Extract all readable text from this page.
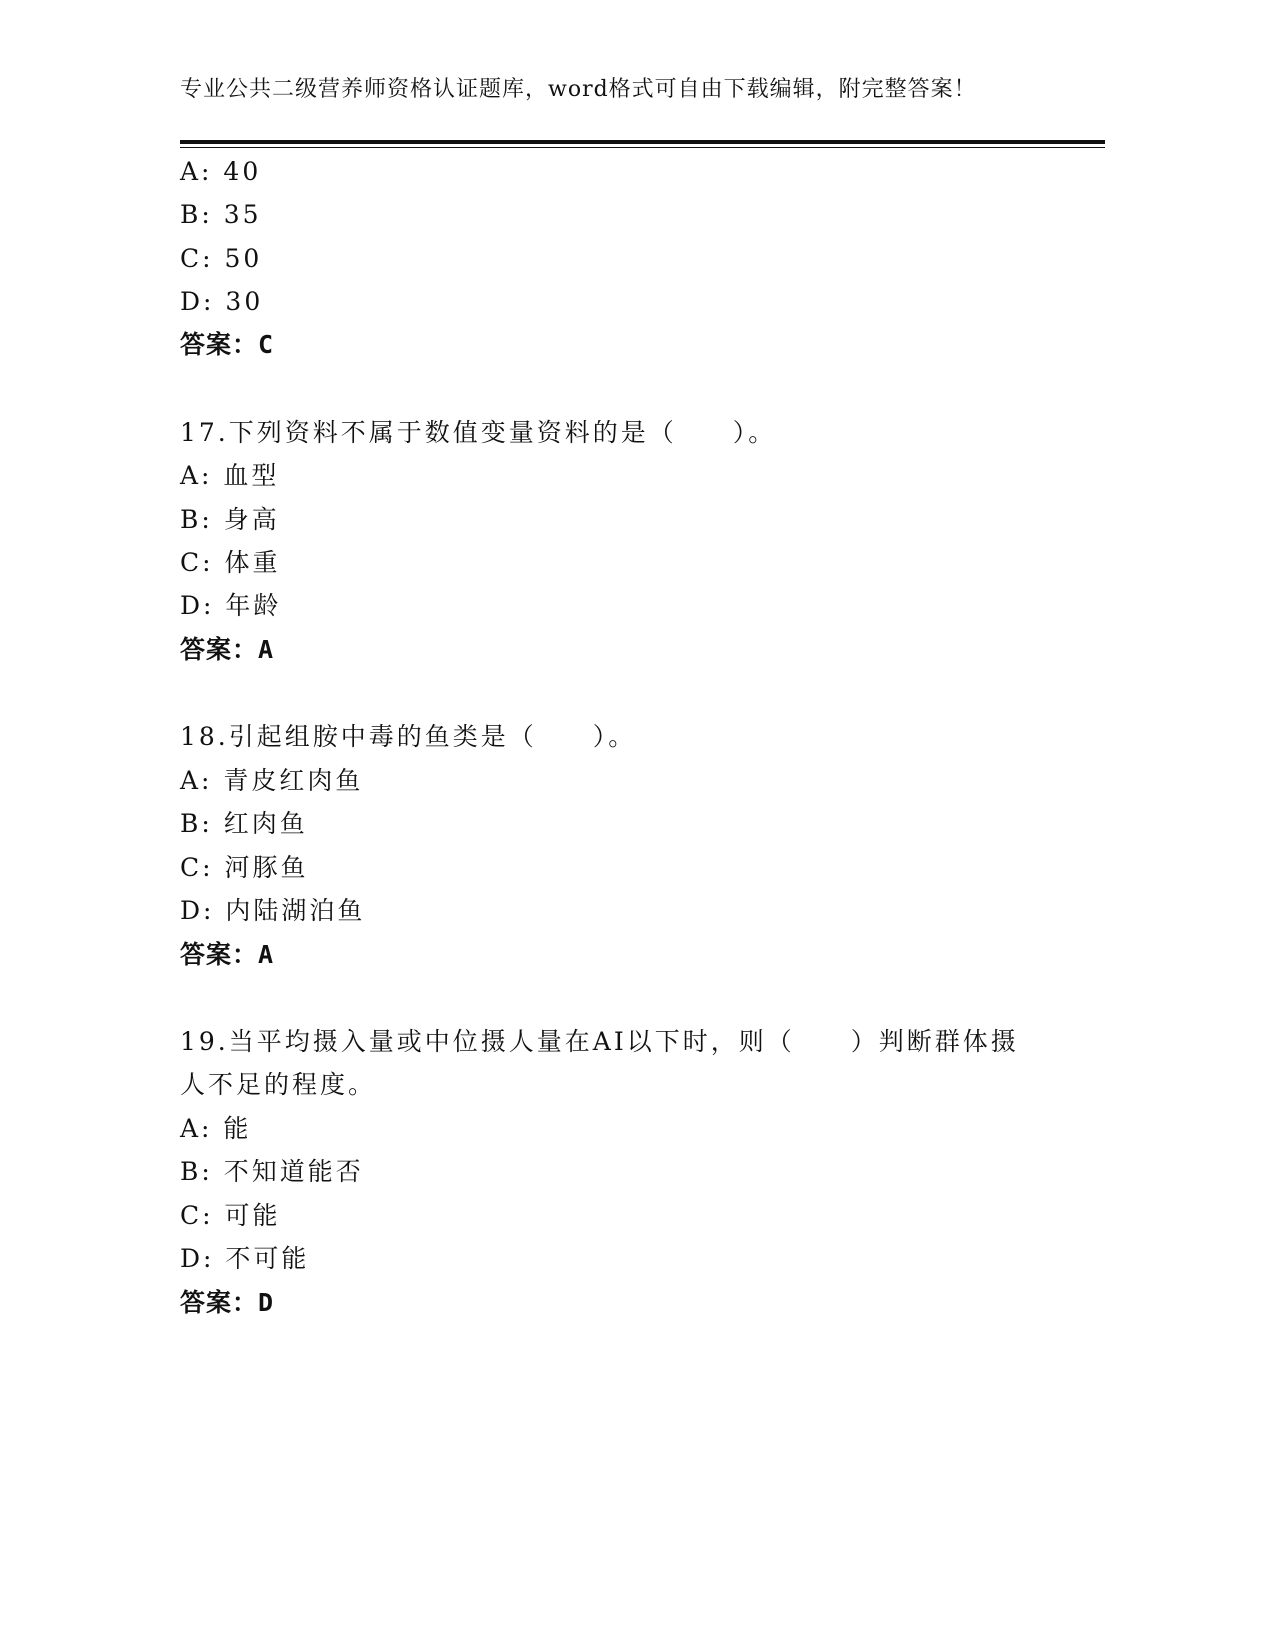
专业公共二级营养师资格认证题库，word格式可自由下载编辑，附完整答案！
A: 40
B: 35
C: 50
D: 30
答案：C
17.下列资料不属于数值变量资料的是（　　）。
A: 血型
B: 身高
C: 体重
D: 年龄
答案：A
18.引起组胺中毒的鱼类是（　　）。
A: 青皮红肉鱼
B: 红肉鱼
C: 河豚鱼
D: 内陆湖泊鱼
答案：A
19.当平均摄入量或中位摄人量在AI以下时，则（　　）判断群体摄
人不足的程度。
A: 能
B: 不知道能否
C: 可能
D: 不可能
答案：D
